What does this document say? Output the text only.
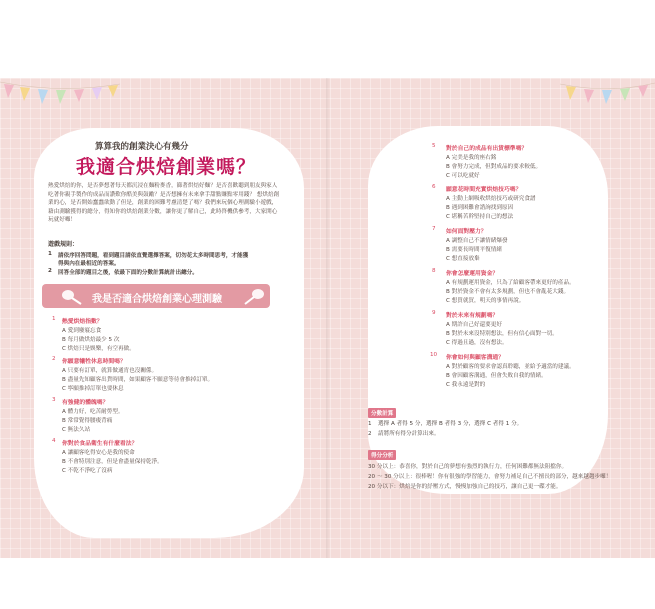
算算我的創業決心有幾分
我適合烘焙創業嗎？
熱愛烘焙的你，是否夢想著每天都沉浸在麵粉麥香，篩著烘焙好麵？是否喜歡聽到朋友與家人吃著你親手製作的成品而讚歎你酷美與鼓勵？是否想擁有未來拿手甜點賺點零用錢？ 想烘焙創業的心，是否開始蠢蠢欲動了但是，創業的困難考慮清楚了嗎？我們來玩個心理測驗小遊戲，藉由測驗獲得的總分，得知你的烘焙創業分數，讓你更了解自己，此時啓機供參考，大家開心玩就好囉！
遊戲規則：
1 請依序回答問題，看到題目請依直覺選擇答案，切勿花太多時間思考，才能獲
得與內在最相近的答案。
2 回答全部的題目之後，依最下面的分數計算統計出總分。
我是否適合烘焙創業心理測驗
1 熱愛烘焙指數？
A 愛到廢寢忘食
B 每月做烘焙最少 5 次
C 烘焙只是娛樂，有空再做。
2 你願意犧牲休息時間嗎？
A 只要有訂單，就算做通宵也沒關係。
B 盡量先知顧客出貨時間，如果顧客不願意等待會推掉訂單。
C 寧願推掉訂單也要休息
3 有強健的體魄嗎？
A 體力好，吃苦耐勞型。
B 常常覺得腰痠背痛
C 無法久站
4 你對於食品衛生有什麼看法？
A 讓顧客吃得安心是我的使命
B 不會特別注意，但是會盡量保持乾淨。
C 不乾不淨吃了沒病
5 對於自己的成品有出貨標準嗎？
A 完美是我的座右銘
B 會努力完成，但對成品的要求較低。
C 可以吃就好
6 願意花時間充實烘焙技巧嗎？
A 主動上網吸收烘焙技巧或研究食譜
B 遇到困難會諮詢找到原因
C 堪稱苦幹堅持自己的想法
7 如何面對壓力？
A 調整自己不讓情緒爆發
B 需要長時間平復情緒
C 想直接放棄
8 你會怎麼運用資金？
A 有規劃運用資金，只為了給顧客帶來更好的產品。
B 對於資金不會有太多規劃，但也不會亂花大錢。
C 想買就買，明天的事情再說。
9 對於未來有規劃嗎？
A 期許自己好還要更好
B 對於未來沒特別想法，但有信心面對一切。
C 得過且過，沒有想法。
10 你會如何與顧客溝通？
A 對於顧客的要求會認真聆聽，並給予適當的建議。
B 會因顧客溝通，但會失敗自我的情緒。
C 我永遠是對的
分數計算
1 選擇 A 者得 5 分，選擇 B 者得 3 分，選擇 C 者得 1 分。
2 請將所有得分計算出來。
得分分析
30 分以上：恭喜你，對於自己的夢想有強烈的執行力，任何困難都無法阻擋你。
20 ～ 30 分以上：很棒喔！你有很強的學習能力，會努力補足自己不擅長的部分，越來越趨步囉！
20 分以下：烘焙是你的紓壓方式，慢慢加強自己的技巧，讓自己更一碟才能。
